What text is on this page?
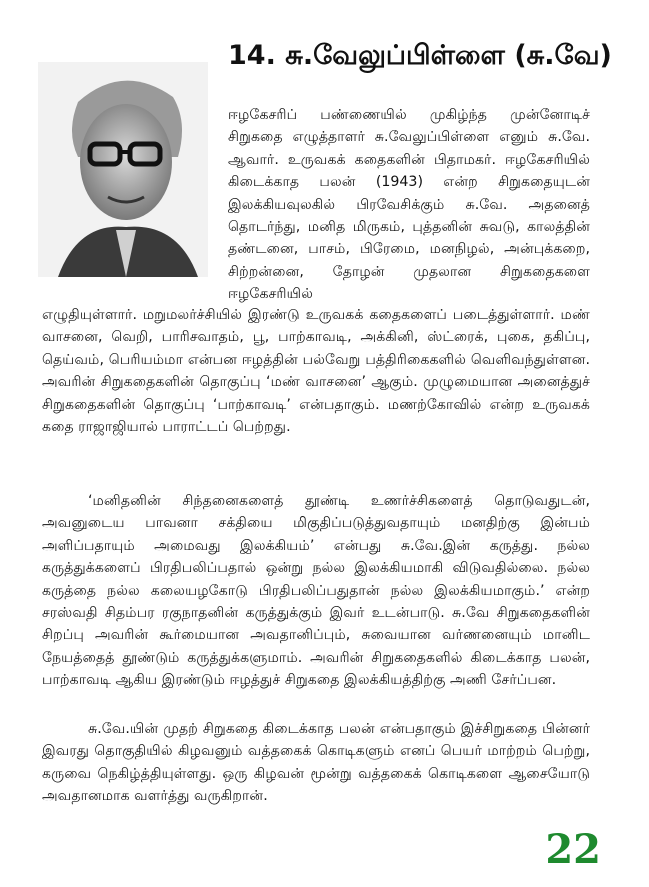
14. சு.வேலுப்பிள்ளை (சு.வே)
ஈழகேசரிப் பண்ணையில் முகிழ்ந்த முன்னோடிச் சிறுகதை எழுத்தாளர் சு.வேலுப்பிள்ளை எனும் சு.வே. ஆவார். உருவகக் கதைகளின் பிதாமகர். ஈழகேசரியில் கிடைக்காத பலன் (1943) என்ற சிறுகதையுடன் இலக்கியவுலகில் பிரவேசிக்கும் சு.வே. அதனைத் தொடர்ந்து, மனித மிருகம், புத்தனின் சுவடு, காலத்தின் தண்டனை, பாசம், பிரேமை, மனநிழல், அன்புக்கறை, சிற்றன்னை, தோழன் முதலான சிறுகதைகளை ஈழகேசரியில்
எழுதியுள்ளார். மறுமலர்ச்சியில் இரண்டு உருவகக் கதைகளைப் படைத்துள்ளார். மண் வாசனை, வெறி, பாரிசவாதம், பூ, பாற்காவடி, அக்கினி, ஸ்ட்ரைக், புகை, தகிப்பு, தெய்வம், பெரியம்மா என்பன ஈழத்தின் பல்வேறு பத்திரிகைகளில் வெளிவந்துள்ளன. அவரின் சிறுகதைகளின் தொகுப்பு ‘மண் வாசனை’ ஆகும். முழுமையான அனைத்துச் சிறுகதைகளின் தொகுப்பு ‘பாற்காவடி’ என்பதாகும். மணற்கோவில் என்ற உருவகக் கதை ராஜாஜியால் பாராட்டப் பெற்றது.
‘மனிதனின் சிந்தனைகளைத் தூண்டி உணர்ச்சிகளைத் தொடுவதுடன், அவனுடைய பாவனா சக்தியை மிகுதிப்படுத்துவதாயும் மனதிற்கு இன்பம் அளிப்பதாயும் அமைவது இலக்கியம்’ என்பது சு.வே.இன் கருத்து. நல்ல கருத்துக்களைப் பிரதிபலிப்பதால் ஒன்று நல்ல இலக்கியமாகி விடுவதில்லை. நல்ல கருத்தை நல்ல கலையழகோடு பிரதிபலிப்பதுதான் நல்ல இலக்கியமாகும்.’ என்ற சரஸ்வதி சிதம்பர ரகுநாதனின் கருத்துக்கும் இவர் உடன்பாடு. சு.வே சிறுகதைகளின் சிறப்பு அவரின் கூர்மையான அவதானிப்பும், சுவையான வர்ணனையும் மானிட நேயத்தைத் தூண்டும் கருத்துக்களுமாம். அவரின் சிறுகதைகளில் கிடைக்காத பலன், பாற்காவடி ஆகிய இரண்டும் ஈழத்துச் சிறுகதை இலக்கியத்திற்கு அணி சேர்ப்பன.
சு.வே.யின் முதற் சிறுகதை கிடைக்காத பலன் என்பதாகும் இச்சிறுகதை பின்னர் இவரது தொகுதியில் கிழவனும் வத்தகைக் கொடிகளும் எனப் பெயர் மாற்றம் பெற்று, கருவை நெகிழ்த்தியுள்ளது. ஒரு கிழவன் மூன்று வத்தகைக் கொடிகளை ஆசையோடு அவதானமாக வளர்த்து வருகிறான்.
22
